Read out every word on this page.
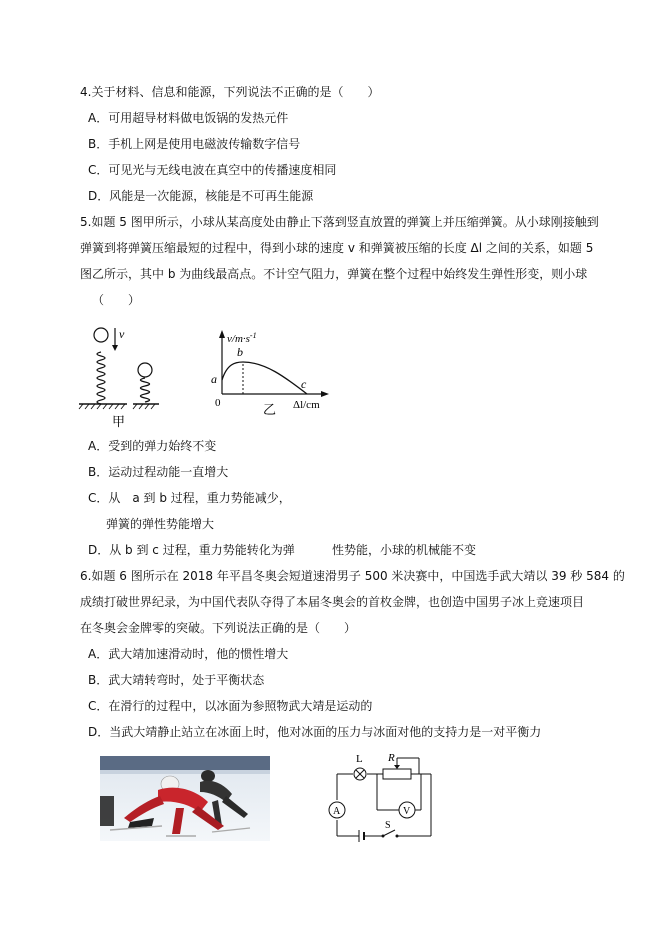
4.关于材料、信息和能源，下列说法不正确的是（　　）
A．可用超导材料做电饭锅的发热元件
B．手机上网是使用电磁波传输数字信号
C．可见光与无线电波在真空中的传播速度相同
D．风能是一次能源，核能是不可再生能源
5.如题 5 图甲所示，小球从某高度处由静止下落到竖直放置的弹簧上并压缩弹簧。从小球刚接触到
弹簧到将弹簧压缩最短的过程中，得到小球的速度 v 和弹簧被压缩的长度 Δl 之间的关系，如题 5
图乙所示，其中 b 为曲线最高点。不计空气阻力，弹簧在整个过程中始终发生弹性形变，则小球
（　　）
v
甲
$v/m\cdot s^{-1}$
a
b
c
0	Δl/cm
乙
A．受到的弹力始终不变
B．运动过程动能一直增大
C．从　a 到 b 过程，重力势能减少，
弹簧的弹性势能增大
D．从 b 到 c 过程，重力势能转化为弹	性势能，小球的机械能不变
6.如题 6 图所示在 2018 年平昌冬奥会短道速滑男子 500 米决赛中，中国选手武大靖以 39 秒 584 的
成绩打破世界纪录，为中国代表队夺得了本届冬奥会的首枚金牌，也创造中国男子冰上竞速项目
在冬奥会金牌零的突破。下列说法正确的是（　　）
A．武大靖加速滑动时，他的惯性增大
B．武大靖转弯时，处于平衡状态
C．在滑行的过程中，以冰面为参照物武大靖是运动的
D．当武大靖静止站立在冰面上时，他对冰面的压力与冰面对他的支持力是一对平衡力
L R
A	V
S
